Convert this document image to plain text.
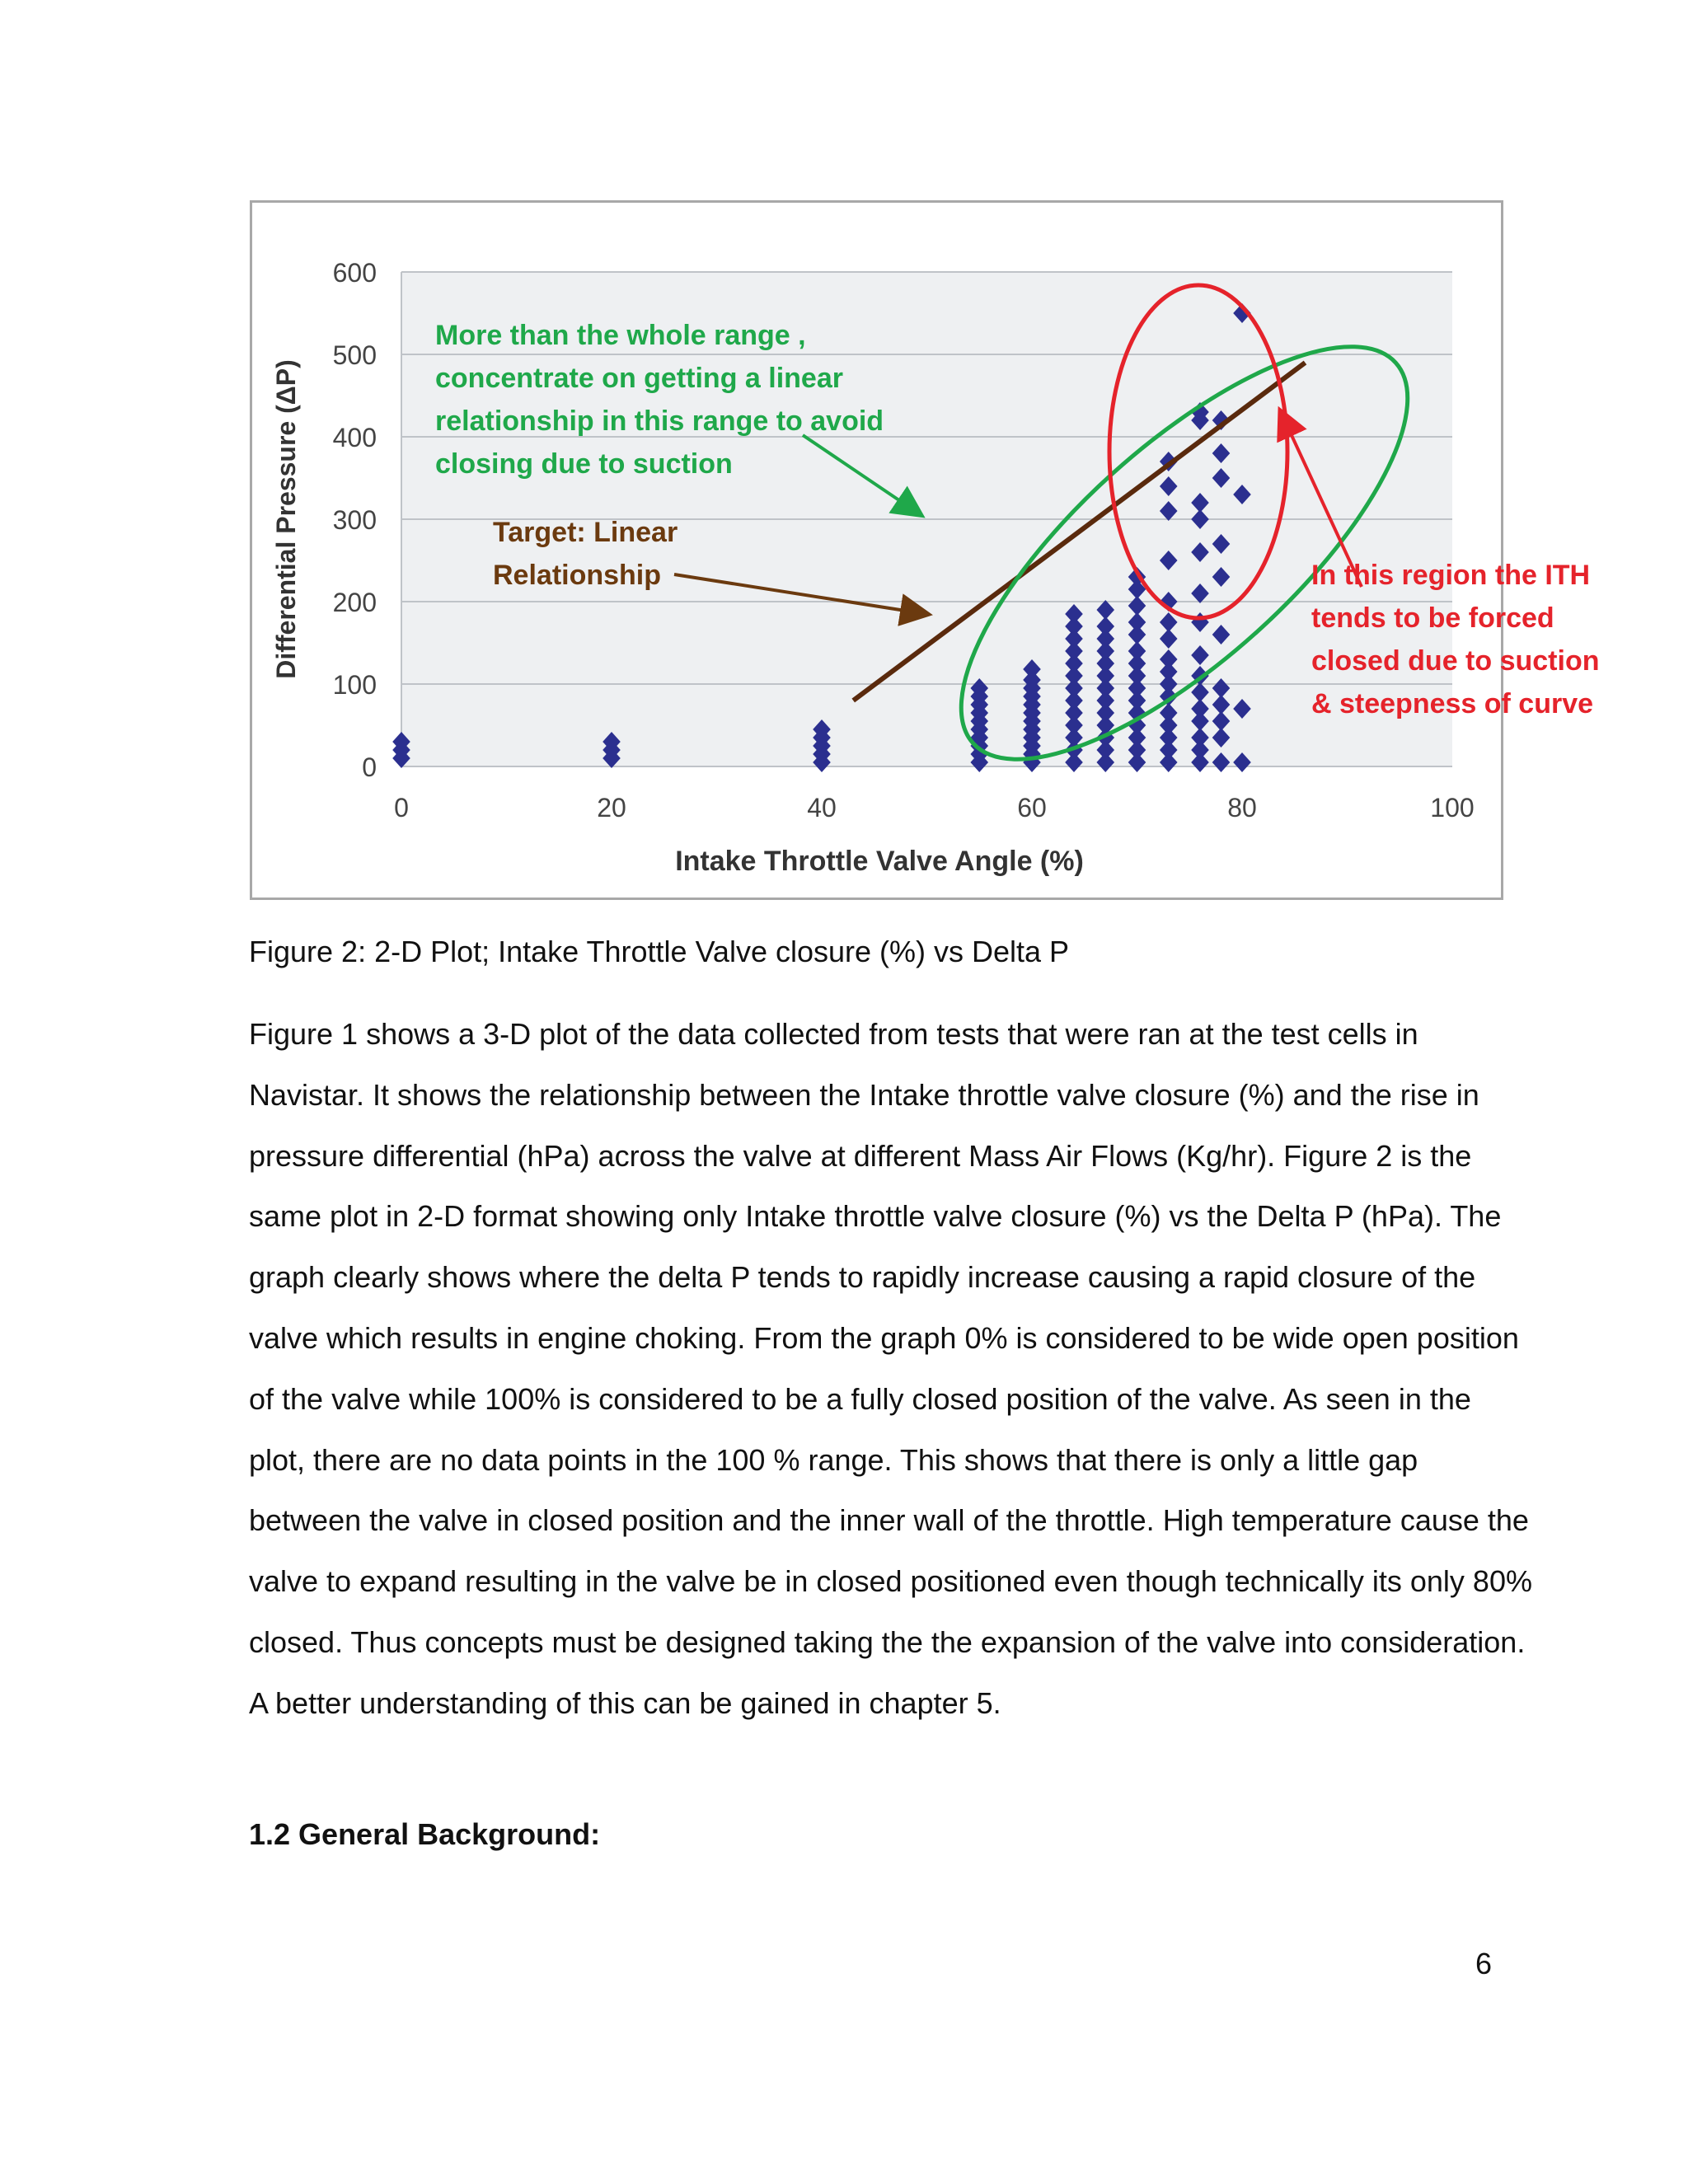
0
100
200
300
400
500
600
0	20	40	60	80	100
Intake Throttle Valve Angle (%)
Differential Pressure (ΔP)
More than the whole range , concentrate on getting a linear relationship in this range to avoid closing due to suction
Target: Linear Relationship	In this region the ITH tends to be forced closed due to suction & steepness of curve
Figure 2: 2-D Plot; Intake Throttle Valve closure (%) vs Delta P

Figure 1 shows a 3-D plot of the data collected from tests that were ran at the test cells in Navistar. It shows the relationship between the Intake throttle valve closure (%) and the rise in pressure differential (hPa) across the valve at different Mass Air Flows (Kg/hr). Figure 2 is the same plot in 2-D format showing only Intake throttle valve closure (%) vs the Delta P (hPa). The graph clearly shows where the delta P tends to rapidly increase causing a rapid closure of the valve which results in engine choking. From the graph 0% is considered to be wide open position of the valve while 100% is considered to be a fully closed position of the valve. As seen in the plot, there are no data points in the 100 % range. This shows that there is only a little gap between the valve in closed position and the inner wall of the throttle. High temperature cause the valve to expand resulting in the valve be in closed positioned even though technically its only 80% closed. Thus concepts must be designed taking the the expansion of the valve into consideration. A better understanding of this can be gained in chapter 5.

1.2 General Background:
6
